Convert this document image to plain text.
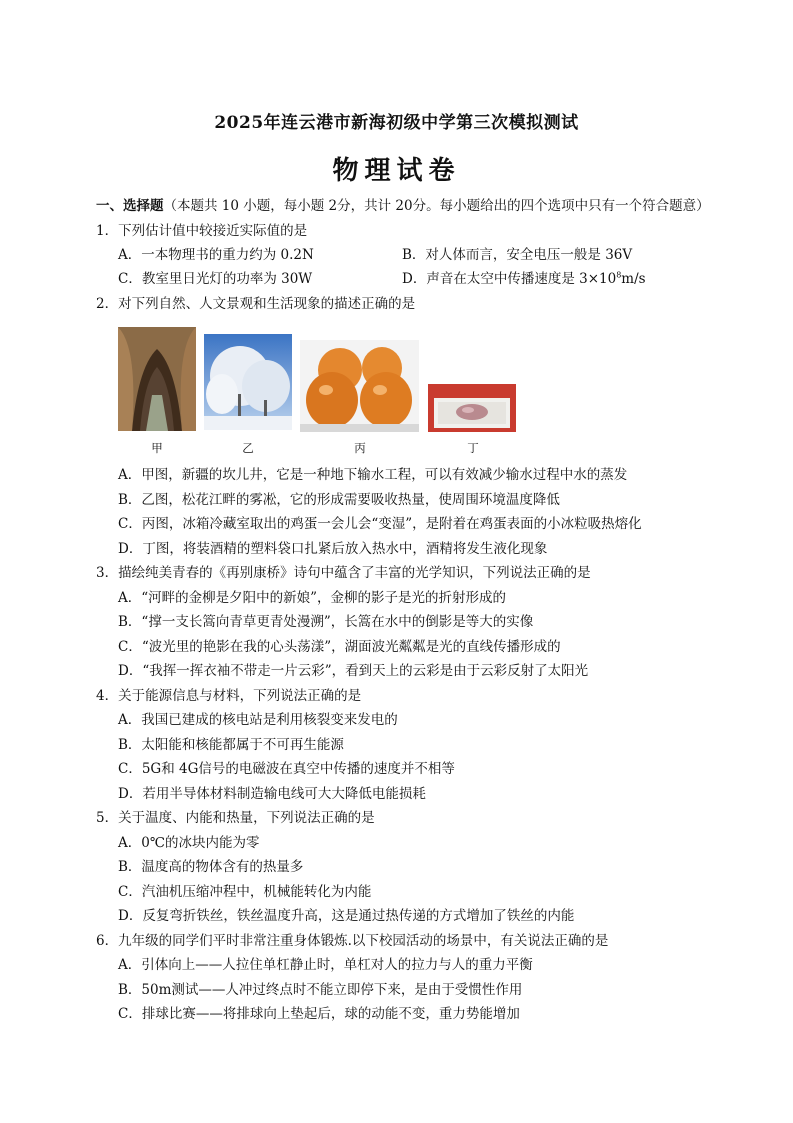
2025年连云港市新海初级中学第三次模拟测试
物理试卷
一、选择题（本题共 10 小题，每小题 2分，共计 20分。每小题给出的四个选项中只有一个符合题意）
1．下列估计值中较接近实际值的是
A．一本物理书的重力约为 0.2N	B．对人体而言，安全电压一般是 36V
C．教室里日光灯的功率为 30W	D．声音在太空中传播速度是 $3\times 10^8m/s$
2．对下列自然、人文景观和生活现象的描述正确的是
甲	乙	丙	丁
A．甲图，新疆的坎儿井，它是一种地下输水工程，可以有效减少输水过程中水的蒸发
B．乙图，松花江畔的雾凇，它的形成需要吸收热量，使周围环境温度降低
C．丙图，冰箱冷藏室取出的鸡蛋一会儿会“变湿”，是附着在鸡蛋表面的小冰粒吸热熔化
D．丁图，将装酒精的塑料袋口扎紧后放入热水中，酒精将发生液化现象
3．描绘纯美青春的《再别康桥》诗句中蕴含了丰富的光学知识，下列说法正确的是
A．“河畔的金柳是夕阳中的新娘”，金柳的影子是光的折射形成的
B．“撑一支长篙向青草更青处漫溯”，长篙在水中的倒影是等大的实像
C．“波光里的艳影在我的心头荡漾”，湖面波光粼粼是光的直线传播形成的
D．“我挥一挥衣袖不带走一片云彩”，看到天上的云彩是由于云彩反射了太阳光
4．关于能源信息与材料，下列说法正确的是
A．我国已建成的核电站是利用核裂变来发电的
B．太阳能和核能都属于不可再生能源
C．5G和 4G信号的电磁波在真空中传播的速度并不相等
D．若用半导体材料制造输电线可大大降低电能损耗
5．关于温度、内能和热量，下列说法正确的是
A．0℃的冰块内能为零
B．温度高的物体含有的热量多
C．汽油机压缩冲程中，机械能转化为内能
D．反复弯折铁丝，铁丝温度升高，这是通过热传递的方式增加了铁丝的内能
6．九年级的同学们平时非常注重身体锻炼.以下校园活动的场景中，有关说法正确的是
A．引体向上——人拉住单杠静止时，单杠对人的拉力与人的重力平衡
B．50m测试——人冲过终点时不能立即停下来，是由于受惯性作用
C．排球比赛——将排球向上垫起后，球的动能不变，重力势能增加
